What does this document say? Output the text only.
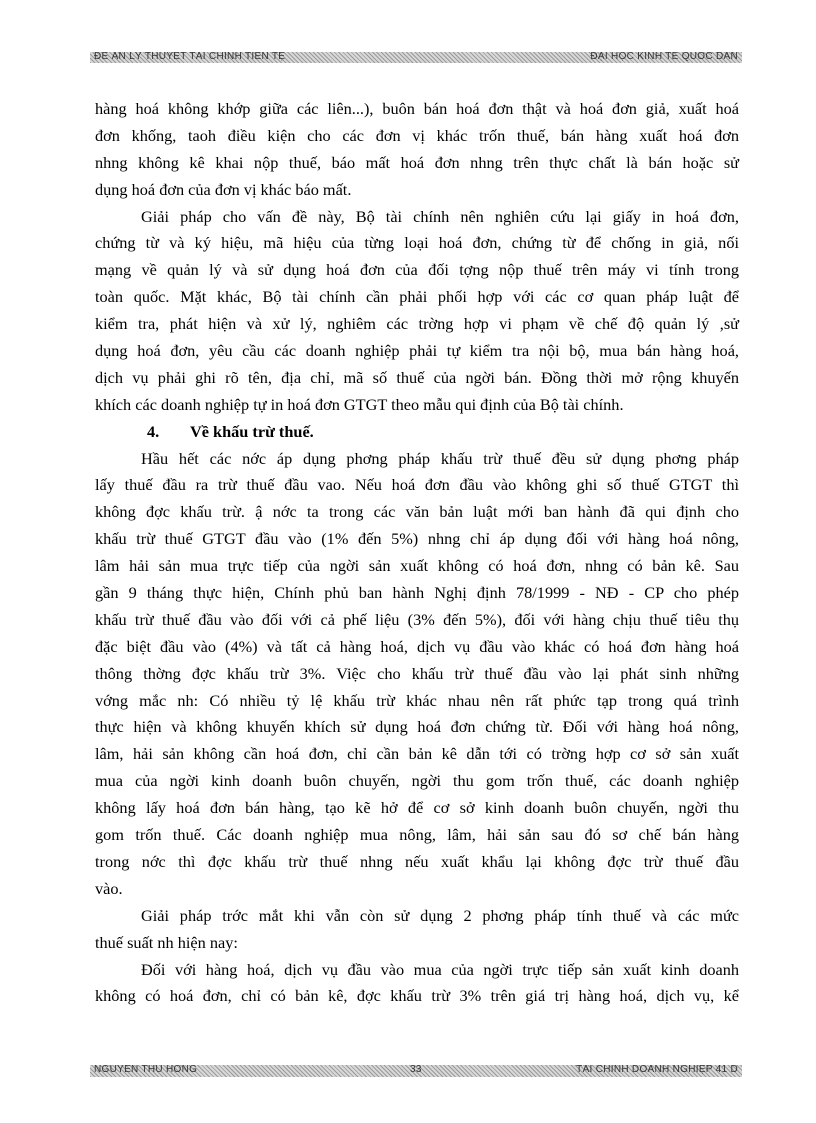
ĐỀ ÁN LÝ THUYẾT TÀI CHÍNH TIỀN TỆ	ĐẠI HỌC KINH TẾ QUỐC DÂN
hàng hoá không khớp giữa các liên...), buôn bán hoá đơn thật và hoá đơn giả, xuất hoá
đơn khống, taoh điều kiện cho các đơn vị khác trốn thuế, bán hàng xuất hoá đơn
nhng không kê khai nộp thuế, báo mất hoá đơn nhng trên thực chất là bán hoặc sử
dụng hoá đơn của đơn vị khác báo mất.
Giải pháp cho vấn đề này, Bộ tài chính nên nghiên cứu lại giấy in hoá đơn,
chứng từ và ký hiệu, mã hiệu của từng loại hoá đơn, chứng từ để chống in giả, nối
mạng về quản lý và sử dụng hoá đơn của đối tợng nộp thuế trên máy vi tính trong
toàn quốc. Mặt khác, Bộ tài chính cần phải phối hợp với các cơ quan pháp luật để
kiểm tra, phát hiện và xử lý, nghiêm các trờng hợp vi phạm về chế độ quản lý ,sử
dụng hoá đơn, yêu cầu các doanh nghiệp phải tự kiểm tra nội bộ, mua bán hàng hoá,
dịch vụ phải ghi rõ tên, địa chỉ, mã số thuế của ngời bán. Đồng thời mở rộng khuyến
khích các doanh nghiệp tự in hoá đơn GTGT theo mẫu qui định của Bộ tài chính.
4. Về khấu trừ thuế.
Hầu hết các nớc áp dụng phơng pháp khấu trừ thuế đều sử dụng phơng pháp
lấy thuế đầu ra trừ thuế đầu vao. Nếu hoá đơn đầu vào không ghi số thuế GTGT thì
không đợc khấu trừ. ậ nớc ta trong các văn bản luật mới ban hành đã qui định cho
khấu trừ thuế GTGT đầu vào (1% đến 5%) nhng chỉ áp dụng đối với hàng hoá nông,
lâm hải sản mua trực tiếp của ngời sản xuất không có hoá đơn, nhng có bản kê. Sau
gần 9 tháng thực hiện, Chính phủ ban hành Nghị định 78/1999 - NĐ - CP cho phép
khấu trừ thuế đầu vào đối với cả phế liệu (3% đến 5%), đối với hàng chịu thuế tiêu thụ
đặc biệt đầu vào (4%) và tất cả hàng hoá, dịch vụ đầu vào khác có hoá đơn hàng hoá
thông thờng đợc khấu trừ 3%. Việc cho khấu trừ thuế đầu vào lại phát sinh những
vớng mắc nh: Có nhiều tỷ lệ khấu trừ khác nhau nên rất phức tạp trong quá trình
thực hiện và không khuyến khích sử dụng hoá đơn chứng từ. Đối với hàng hoá nông,
lâm, hải sản không cần hoá đơn, chỉ cần bản kê dẫn tới có trờng hợp cơ sở sản xuất
mua của ngời kinh doanh buôn chuyến, ngời thu gom trốn thuế, các doanh nghiệp
không lấy hoá đơn bán hàng, tạo kẽ hở để cơ sở kinh doanh buôn chuyến, ngời thu
gom trốn thuế. Các doanh nghiệp mua nông, lâm, hải sản sau đó sơ chế bán hàng
trong nớc thì đợc khấu trừ thuế nhng nếu xuất khẩu lại không đợc trừ thuế đầu
vào.
Giải pháp trớc mắt khi vẫn còn sử dụng 2 phơng pháp tính thuế và các mức
thuế suất nh hiện nay:
Đối với hàng hoá, dịch vụ đầu vào mua của ngời trực tiếp sản xuất kinh doanh
không có hoá đơn, chỉ có bản kê, đợc khấu trừ 3% trên giá trị hàng hoá, dịch vụ, kể
NGUYỄN THU HỒNG	33	TÀI CHÍNH DOANH NGHIỆP 41 D
